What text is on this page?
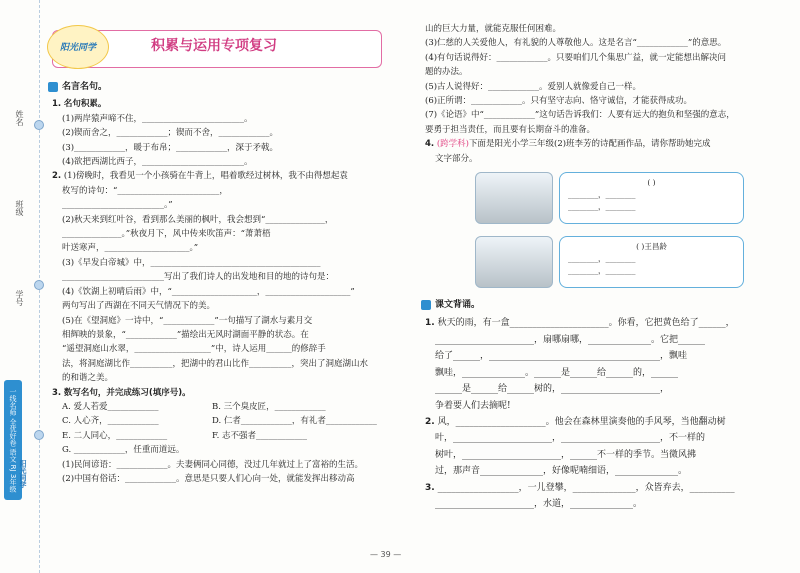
姓名
班级
学号
一线名师 全优好卷 语文 RJ 3年级
阳光同学
阳光同学	积累与运用专项复习
名言名句。
1. 名句积累。
(1)两岸猿声啼不住，________________________。
(2)锲而舍之，____________；锲而不舍，____________。
(3)____________，暖于布帛；____________，深于矛戟。
(4)欲把西湖比西子，________________________。
2. (1)傍晚时，我看见一个小孩骑在牛背上，唱着歌经过树林，我不由得想起袁
枚写的诗句：“________________________，
________________________。”
(2)秋天来到红叶谷，看到那么美丽的枫叶，我会想到“______________，
______________。”秋夜月下，风中传来吹笛声：“萧萧梧
叶送寒声，____________________。”
(3)《早发白帝城》中，________________________________________
________________________写出了我们诗人的出发地和目的地的诗句是：
(4)《饮湖上初晴后雨》中，“____________________，____________________”
两句写出了西湖在不同天气情况下的美。
(5)在《望洞庭》一诗中，“____________”一句描写了湖水与素月交
相辉映的景象，“____________”描绘出无风时湖面平静的状态。在
“遥望洞庭山水翠，__________________”中，诗人运用______的修辞手
法，将洞庭湖比作__________，把湖中的君山比作__________，突出了洞庭湖山水
的和谐之美。
3. 数写名句，并完成练习(填序号)。
A. 爱人若爱____________	B. 三个臭皮匠，____________
C. 人心齐，____________	D. 仁者____________，有礼者____________
E. 二人同心，____________	F. 志不强者____________
G. ____________，任重而道远。
(1)民间谚语：____________。夫妻俩同心同德，没过几年就过上了富裕的生活。
(2)中国有俗话：____________。意思是只要人们心向一处，就能发挥出移动高
山的巨大力量，就能克服任何困难。
(3)仁慈的人关爱他人，有礼貌的人尊敬他人。这是名言“____________”的意思。
(4)有句话说得好：____________。只要咱们几个集思广益，就一定能想出解决问
题的办法。
(5)古人说得好：____________。爱别人就像爱自己一样。
(6)正所谓：____________。只有坚守志向、恪守诚信，才能获得成功。
(7)《论语》中“____________”这句话告诉我们：人要有远大的抱负和坚强的意志，
要勇于担当责任，而且要有长期奋斗的准备。
4. (跨学科)下面是阳光小学三年级(2)班李芳的诗配画作品，请你帮助她完成
文字部分。
( )
________，________
________，________
( )王昌龄
________，________
________，________
课文背诵。
1. 秋天的雨，有一盒______________________。你看，它把黄色给了______，
______________________，扇哪扇哪，______________。它把______
给了______，______________________________________，飘哇
飘哇，______________。______是______给______的，______
______是______给______树的，______________________，
争着要人们去摘呢!
2. 风，____________________。他会在森林里演奏他的手风琴，当他翻动树
叶，______________________，______________________，不一样的
树叶，______________________，______不一样的季节。当微风拂
过，那声音______________，好像呢喃细语，______________。
3. __________________，一儿登攀，______________，众皆弃去，__________
______________________，水道，______________。
— 39 —
